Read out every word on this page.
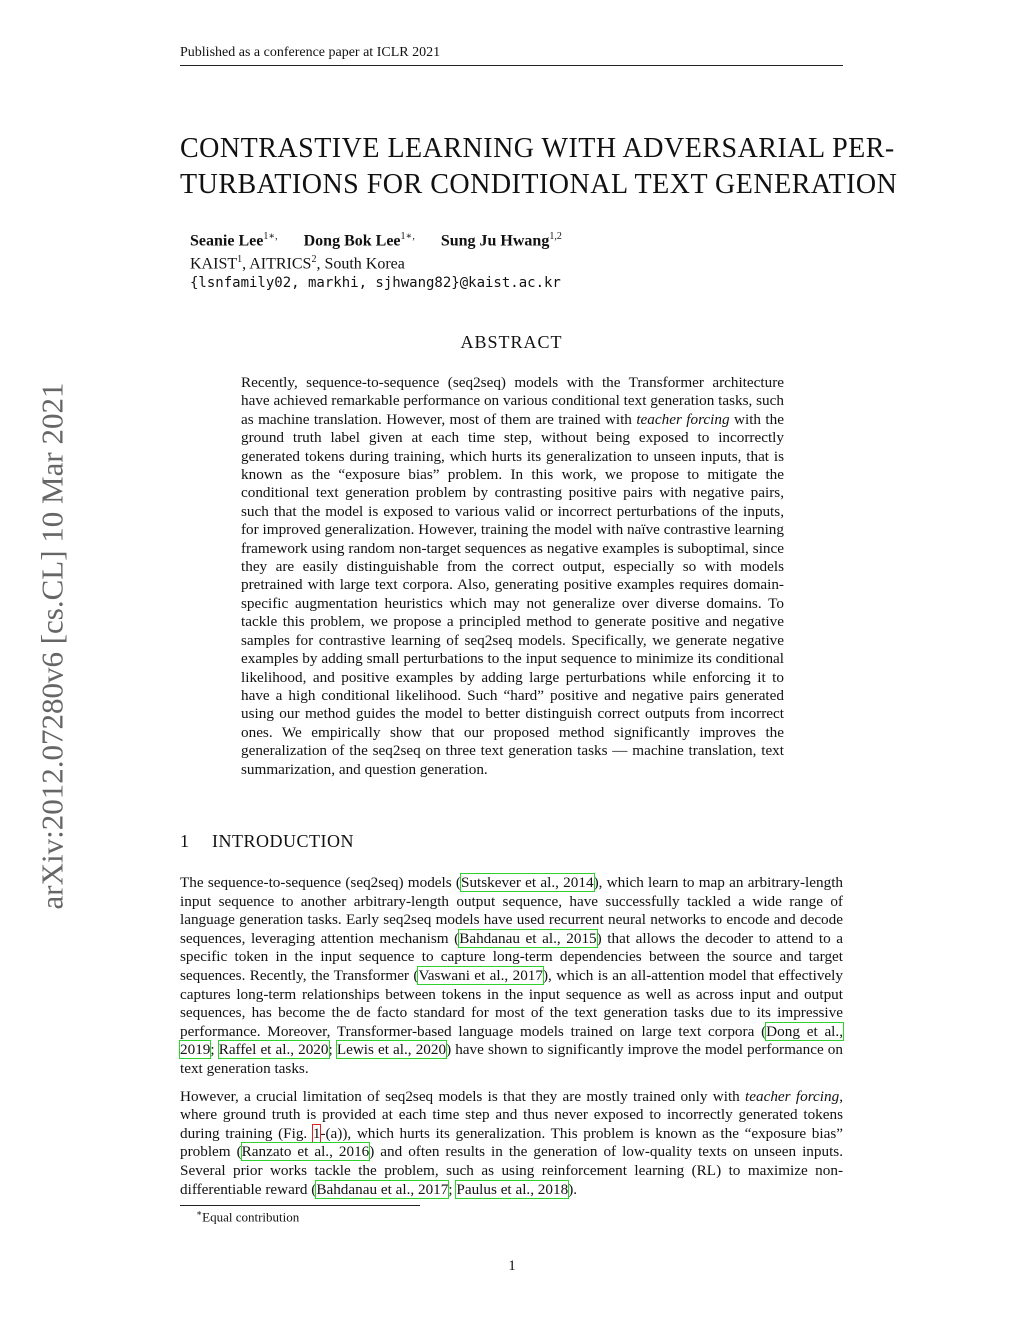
Published as a conference paper at ICLR 2021
arXiv:2012.07280v6 [cs.CL] 10 Mar 2021
CONTRASTIVE LEARNING WITH ADVERSARIAL PER-
TURBATIONS FOR CONDITIONAL TEXT GENERATION
Seanie Lee$^{1∗,}$ Dong Bok Lee$^{1∗,}$ Sung Ju Hwang$^{1,2}$
KAIST$^1$, AITRICS$^2$, South Korea
{lsnfamily02, markhi, sjhwang82}@kaist.ac.kr
ABSTRACT
Recently, sequence-to-sequence (seq2seq) models with the Transformer architecture have achieved remarkable performance on various conditional text generation tasks, such as machine translation. However, most of them are trained with teacher forcing with the ground truth label given at each time step, without being exposed to incorrectly generated tokens during training, which hurts its generalization to unseen inputs, that is known as the “exposure bias” problem. In this work, we propose to mitigate the conditional text generation problem by contrasting positive pairs with negative pairs, such that the model is exposed to various valid or incorrect perturbations of the inputs, for improved generalization. However, training the model with naïve contrastive learning framework using random non-target sequences as negative examples is suboptimal, since they are easily distinguishable from the correct output, especially so with models pretrained with large text corpora. Also, generating positive examples requires domain-specific augmentation heuristics which may not generalize over diverse domains. To tackle this problem, we propose a principled method to generate positive and negative samples for contrastive learning of seq2seq models. Specifically, we generate negative examples by adding small perturbations to the input sequence to minimize its conditional likelihood, and positive examples by adding large perturbations while enforcing it to have a high conditional likelihood. Such “hard” positive and negative pairs generated using our method guides the model to better distinguish correct outputs from incorrect ones. We empirically show that our proposed method significantly improves the generalization of the seq2seq on three text generation tasks — machine translation, text summarization, and question generation.
1 INTRODUCTION

The sequence-to-sequence (seq2seq) models (Sutskever et al., 2014), which learn to map an arbitrary-length input sequence to another arbitrary-length output sequence, have successfully tackled a wide range of language generation tasks. Early seq2seq models have used recurrent neural networks to encode and decode sequences, leveraging attention mechanism (Bahdanau et al., 2015) that allows the decoder to attend to a specific token in the input sequence to capture long-term dependencies between the source and target sequences. Recently, the Transformer (Vaswani et al., 2017), which is an all-attention model that effectively captures long-term relationships between tokens in the input sequence as well as across input and output sequences, has become the de facto standard for most of the text generation tasks due to its impressive performance. Moreover, Transformer-based language models trained on large text corpora (Dong et al., 2019; Raffel et al., 2020; Lewis et al., 2020) have shown to significantly improve the model performance on text generation tasks.

However, a crucial limitation of seq2seq models is that they are mostly trained only with teacher forcing, where ground truth is provided at each time step and thus never exposed to incorrectly generated tokens during training (Fig. 1-(a)), which hurts its generalization. This problem is known as the “exposure bias” problem (Ranzato et al., 2016) and often results in the generation of low-quality texts on unseen inputs. Several prior works tackle the problem, such as using reinforcement learning (RL) to maximize non-differentiable reward (Bahdanau et al., 2017; Paulus et al., 2018).

∗Equal contribution
1
